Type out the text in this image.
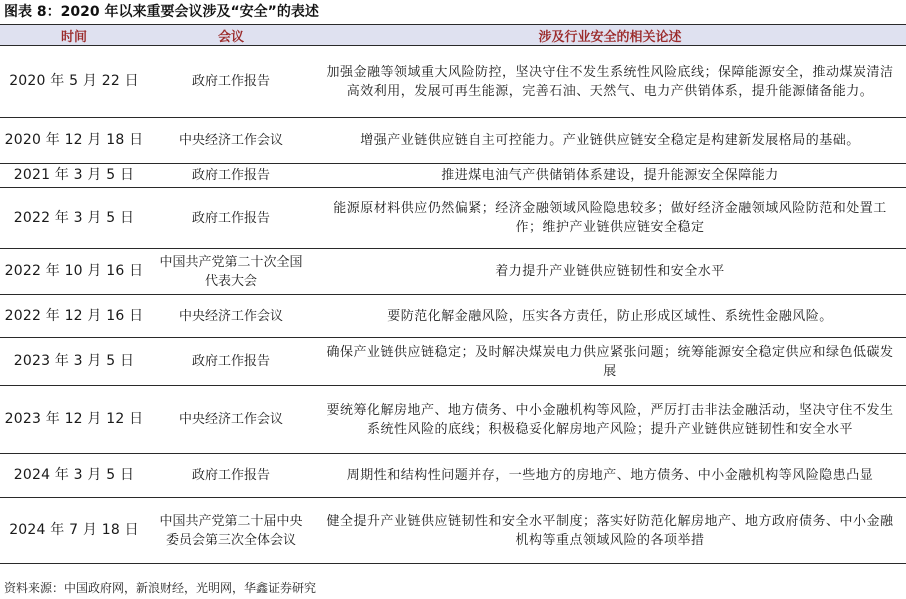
图表 8：2020 年以来重要会议涉及“安全”的表述
时间	会议	涉及行业安全的相关论述
2020 年 5 月 22 日	政府工作报告	加强金融等领域重大风险防控，坚决守住不发生系统性风险底线；保障能源安全，推动煤炭清洁高效利用，发展可再生能源，完善石油、天然气、电力产供销体系，提升能源储备能力。
2020 年 12 月 18 日	中央经济工作会议	增强产业链供应链自主可控能力。产业链供应链安全稳定是构建新发展格局的基础。
2021 年 3 月 5 日	政府工作报告	推进煤电油气产供储销体系建设，提升能源安全保障能力
2022 年 3 月 5 日	政府工作报告	能源原材料供应仍然偏紧；经济金融领域风险隐患较多；做好经济金融领域风险防范和处置工作；维护产业链供应链安全稳定
2022 年 10 月 16 日	中国共产党第二十次全国代表大会	着力提升产业链供应链韧性和安全水平
2022 年 12 月 16 日	中央经济工作会议	要防范化解金融风险，压实各方责任，防止形成区域性、系统性金融风险。
2023 年 3 月 5 日	政府工作报告	确保产业链供应链稳定；及时解决煤炭电力供应紧张问题；统筹能源安全稳定供应和绿色低碳发展
2023 年 12 月 12 日	中央经济工作会议	要统筹化解房地产、地方债务、中小金融机构等风险，严厉打击非法金融活动，坚决守住不发生系统性风险的底线；积极稳妥化解房地产风险；提升产业链供应链韧性和安全水平
2024 年 3 月 5 日	政府工作报告	周期性和结构性问题并存，一些地方的房地产、地方债务、中小金融机构等风险隐患凸显
2024 年 7 月 18 日	中国共产党第二十届中央委员会第三次全体会议	健全提升产业链供应链韧性和安全水平制度；落实好防范化解房地产、地方政府债务、中小金融机构等重点领域风险的各项举措
资料来源：中国政府网，新浪财经，光明网，华鑫证券研究
